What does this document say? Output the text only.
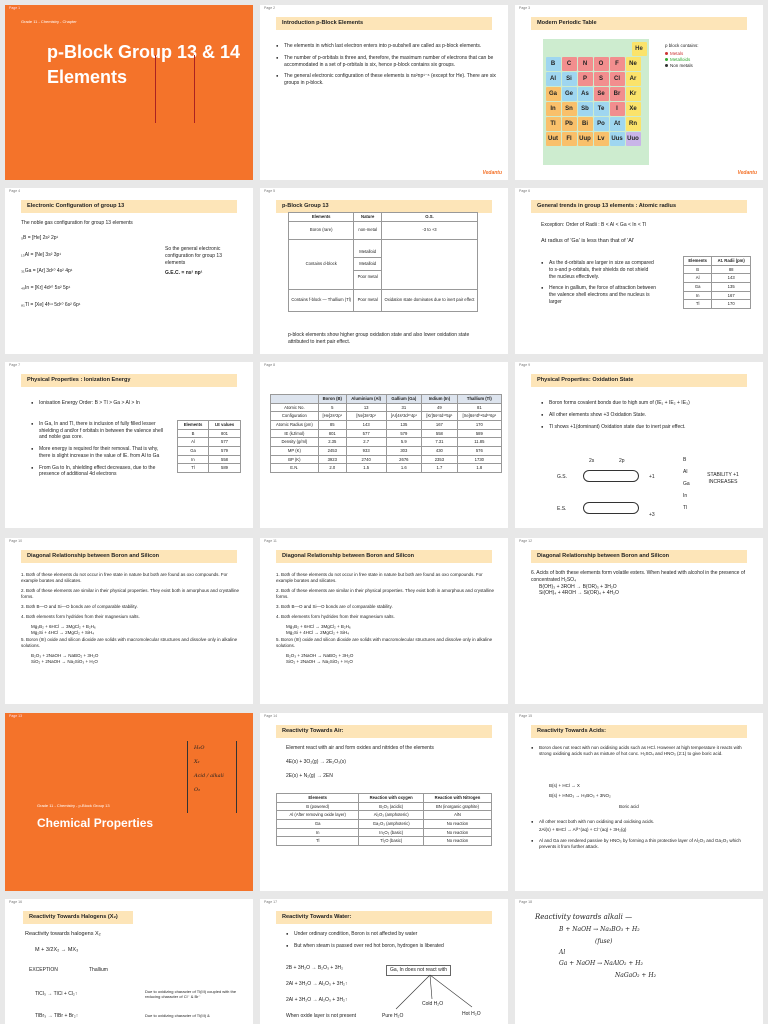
Page 1
Grade 11 - Chemistry - Chapter
p-Block Group 13 & 14
Elements
Page 2
Introduction p-Block Elements
● The elements in which last electron enters into p-subshell are called as p-block elements.
● The number of p-orbitals is three and, therefore, the maximum number of electrons that can be accommodated in a set of p-orbitals is six, hence p-block contains six groups.
● The general electronic configuration of these elements is ns²np¹⁻⁶ (except for He). There are six groups in p-block.
Vedantu
Page 3
Modern Periodic Table
He
B C N O F Ne
Al Si P S Cl Ar
Ga Ge As Se Br Kr
In Sn Sb Te I Xe
Tl Pb Bi Po At Rn
Uut Fl Uup Lv Uus Uuo
p block contains:
Metals
Metalloids
Non metals
Vedantu
Page 4
Electronic Configuration of group 13
The noble gas configuration for group 13 elements
₅B = [He] 2s² 2p¹
₁₃Al = [Ne] 3s² 3p¹
₃₁Ga = [Ar] 3d¹⁰ 4s² 4p¹
₄₉In = [Kr] 4d¹⁰ 5s² 5p¹
₈₁Tl = [Xe] 4f¹⁴ 5d¹⁰ 6s² 6p¹
So the general electronic configuration for group 13 elements
G.E.C. = ns² np¹
Page 5
p-Block Group 13
Elements	Nature	O.S.
Boron (rare)	non-metal	-3 to +3
Contains d-block	Metalloid
Metalloid
Poor metal	

Contains f-block — Thallium (Tl)	Poor metal	Oxidation state dominates due to inert pair effect
p-block elements show higher group oxidation state and also lower oxidation state attributed to inert pair effect.
Page 6
General trends in group 13 elements : Atomic radius
Exception: Order of Radii : B < Al < Ga < In < Tl
At radius of 'Ga' is less than that of 'Al'
● As the d-orbitals are larger in size as compared to s-and p-orbitals, their shields do not shield the nucleus effectively.
● Hence in gallium, the force of attraction between the valence shell electrons and the nucleus is larger
Elements	At. Radii (pm)
B	88
Al	143
Ga	135
In	167
Tl	170
Page 7
Physical Properties : Ionization Energy
● Ionisation Energy Order: B > Tl > Ga > Al > In
● In Ga, In and Tl, there is inclusion of fully filled lesser shielding d and/or f orbitals in between the valence shell and noble gas core.
● More energy is required for their removal. That is why, there is slight increase in the value of IE. from Al to Ga
● From Ga to In, shielding effect decreases, due to the presence of additional 4d electrons
Elements	I.E values
B	801
Al	577
Ga	579
In	558
Tl	589
Page 8
	Boron (B)	Aluminium (Al)	Gallium (Ga)	Indium (In)	Thallium (Tl)
Atomic No.	5	13	31	49	81
Configuration	[He]2s²2p¹	[Ne]3s²3p¹	[Ar]4s²3d¹⁰4p¹	[Kr]5s²4d¹⁰5p¹	[Xe]6s²4f¹⁴5d¹⁰6p¹
Atomic Radius (pm)	85	143	135	167	170
IE (kJ/mol)	801	577	579	558	589
Density (g/ml)	2.35	2.7	5.9	7.31	11.85
MP (K)	2453	933	303	430	576
BP (K)	3923	2740	2676	2353	1730
E.N.	2.0	1.5	1.6	1.7	1.8
Page 9
Physical Properties: Oxidation State
● Boron forms covalent bonds due to high sum of (IE₁ + IE₂ + IE₃)
● All other elements show +3 Oxidation State.
● Tl shows +1(dominant) Oxidation state due to inert pair effect.
2s	2p
G.S.	+1
E.S.
+3
B
Al
Ga
In
Tl
STABILITY +1 INCREASES
Page 10
Diagonal Relationship between Boron and Silicon
1. Both of these elements do not occur in free state in nature but both are found as oxo compounds. For example borates and silicates.
2. Both of these elements are similar in their physical properties. They exist both in amorphous and crystalline forms.
3. Both B—O and Si—O bonds are of comparable stability.
4. Both elements form hydrides from their magnesium salts.
Mg₃B₂ + 6HCl → 3MgCl₂ + B₂H₆
Mg₂Si + 4HCl → 2MgCl₂ + SiH₄
5. Boron (III) oxide and silicon dioxide are solids with macromolecular structures and dissolve only in alkaline solutions.
B₂O₃ + 2NaOH → NaBO₂ + 3H₂O
SiO₂ + 2NaOH → Na₂SiO₃ + H₂O
Page 11
Diagonal Relationship between Boron and Silicon
1. Both of these elements do not occur in free state in nature but both are found as oxo compounds. For example borates and silicates.
2. Both of these elements are similar in their physical properties. They exist both in amorphous and crystalline forms.
3. Both B—O and Si—O bonds are of comparable stability.
4. Both elements form hydrides from their magnesium salts.
Mg₃B₂ + 6HCl → 3MgCl₂ + B₂H₆
Mg₂Si + 4HCl → 2MgCl₂ + SiH₄
5. Boron (III) oxide and silicon dioxide are solids with macromolecular structures and dissolve only in alkaline solutions.
B₂O₃ + 2NaOH → NaBO₂ + 3H₂O
SiO₂ + 2NaOH → Na₂SiO₃ + H₂O
Page 12
Diagonal Relationship between Boron and Silicon
6. Acids of both these elements form volatile esters. When heated with alcohol in the presence of concentrated H₂SO₄
B(OH)₃ + 3ROH → B(OR)₃ + 3H₂O
Si(OH)₄ + 4ROH → Si(OR)₄ + 4H₂O
Page 13
Grade 11 - Chemistry - p-Block Group 13
Chemical Properties
H₂O
X₂
Acid / alkali
O₂
Page 14
Reactivity Towards Air:
Element react with air and form oxides and nitrides of the elements
4E(s) + 3O₂(g) → 2E₂O₃(s)
2E(s) + N₂(g) → 2EN
Elements	Reaction with oxygen	Reaction with Nitrogen
B (powered)	B₂O₃ (acidic)	BN (inorganic graphite)
Al (After removing oxide layer)	Al₂O₃ (amphoteric)	AlN
Ga	Ga₂O₃ (amphoteric)	No reaction
In	In₂O₃ (basic)	No reaction
Tl	Tl₂O (basic)	No reaction
Page 15
Reactivity Towards Acids:
● Boron does not react with non oxidising acids such as HCl. However at high temperature it reacts with strong oxidising acids such as mixture of hot conc. H₂SO₄ and HNO₃ (2:1) to give boric acid.
B(s) + HCl → X
B(s) + HNO₃ → H₃BO₃ + 3NO₂
Boric acid
● All other react both with non oxidising and oxidising acids.
2Al(s) + 6HCl → Al³⁺(aq) + Cl⁻(aq) + 3H₂(g)
● Al and Ga are rendered passive by HNO₃ by forming a thin protective layer of Al₂O₃ and Ga₂O₃ which prevents it from further attack.
Page 16
Reactivity Towards Halogens (X₂)
Reactivity towards halogens X₂
M + 3/2X₂ → MX₃
EXCEPTION	Thallium
TlCl₃ → TlCl + Cl₂↑	Due to oxidizing character of Tl(III) coupled with the reducing character of Cl⁻ & Br⁻
TlBr₃ → TlBr + Br₂↑	Due to oxidizing character of Tl(III) &
Page 17
Reactivity Towards Water:
● Under ordinary condition, Boron is not affected by water
● But when steam is passed over red hot boron, hydrogen is liberated
2B + 3H₂O → B₂O₃ + 3H₂
2Al + 3H₂O → Al₂O₃ + 3H₂↑
2Al + 3H₂O → Al₂O₃ + 3H₂↑
When oxide layer is not present
Ga, In does not react with
Pure H₂O
Cold H₂O
Hot H₂O
Page 18
Reactivity towards alkali —
B + NaOH → Na₃BO₃ + H₂
(fuse)
Al
Ga + NaOH → NaAlO₂ + H₂
NaGaO₂ + H₂
